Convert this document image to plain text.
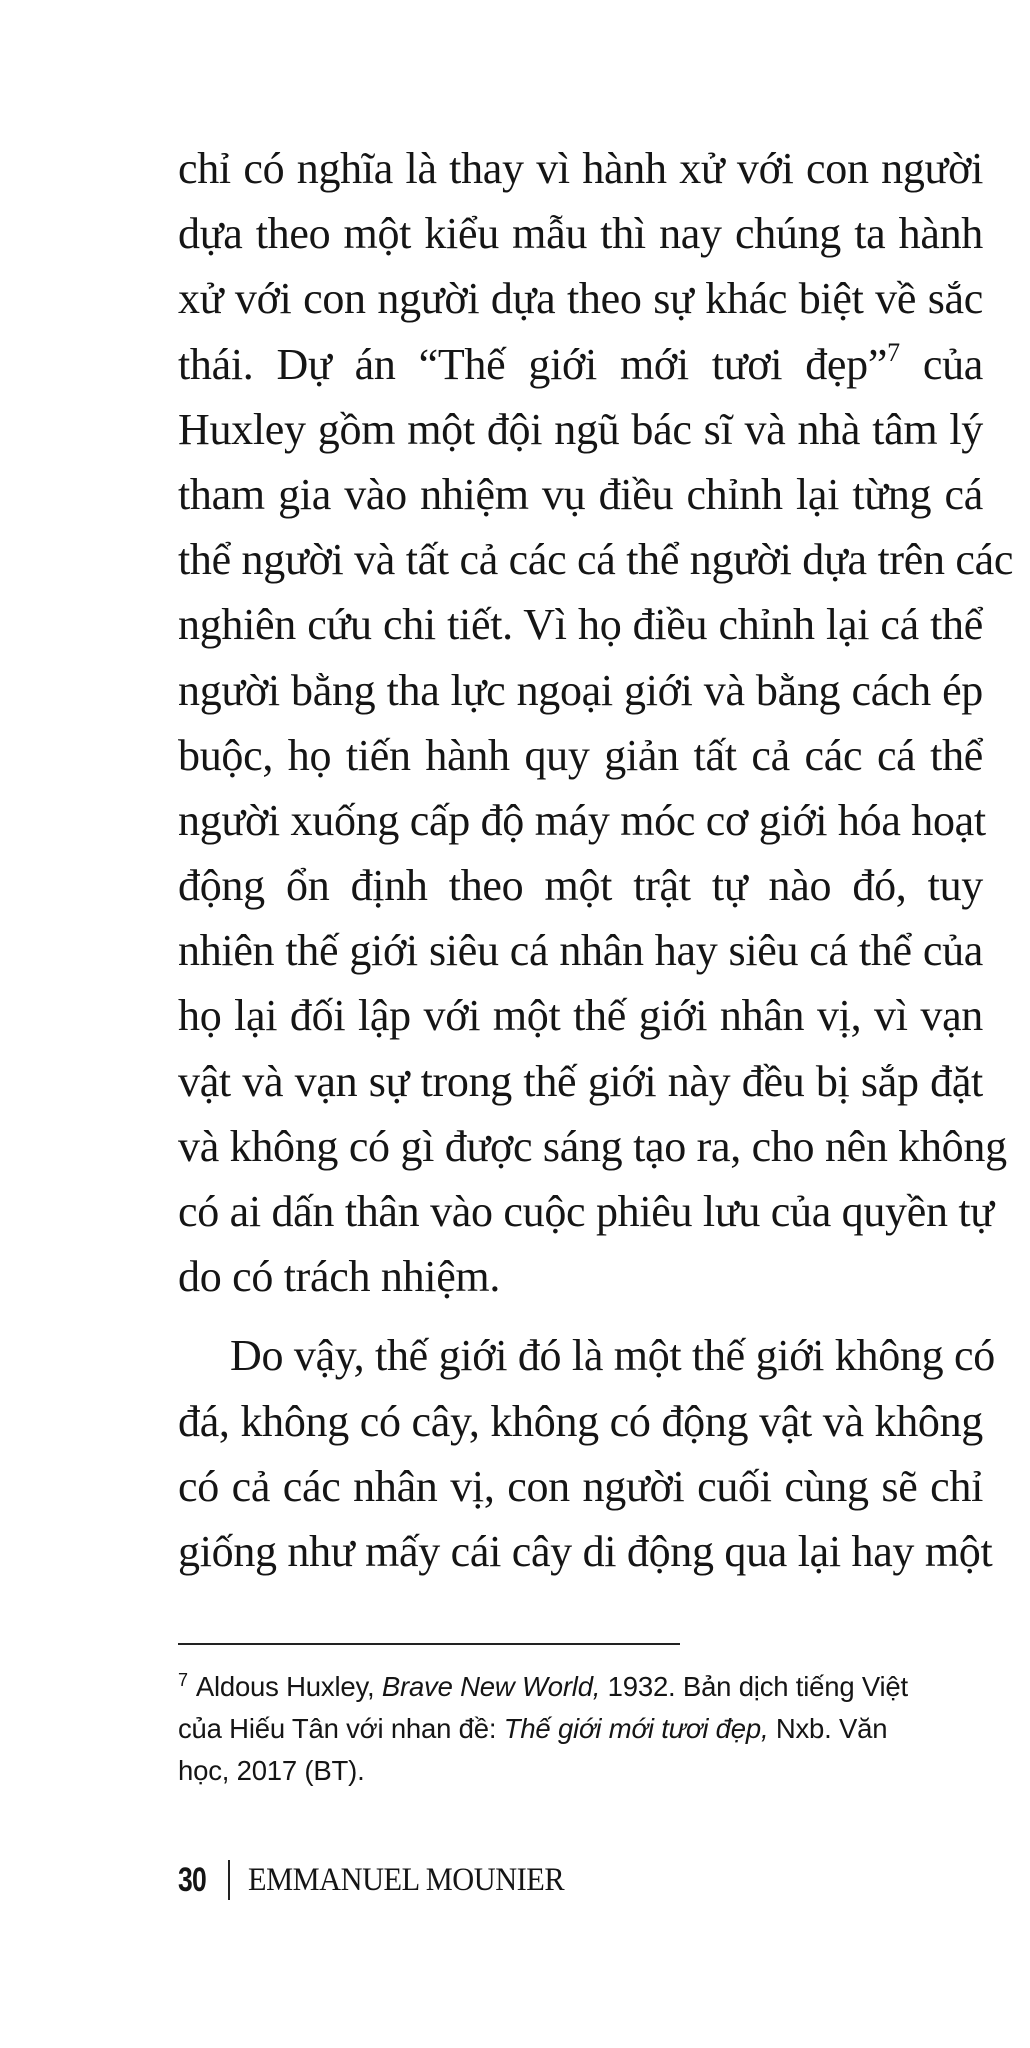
chỉ có nghĩa là thay vì hành xử với con người
dựa theo một kiểu mẫu thì nay chúng ta hành
xử với con người dựa theo sự khác biệt về sắc
thái. Dự án “Thế giới mới tươi đẹp”$^7$ của
Huxley gồm một đội ngũ bác sĩ và nhà tâm lý
tham gia vào nhiệm vụ điều chỉnh lại từng cá
thể người và tất cả các cá thể người dựa trên các
nghiên cứu chi tiết. Vì họ điều chỉnh lại cá thể
người bằng tha lực ngoại giới và bằng cách ép
buộc, họ tiến hành quy giản tất cả các cá thể
người xuống cấp độ máy móc cơ giới hóa hoạt
động ổn định theo một trật tự nào đó, tuy
nhiên thế giới siêu cá nhân hay siêu cá thể của
họ lại đối lập với một thế giới nhân vị, vì vạn
vật và vạn sự trong thế giới này đều bị sắp đặt
và không có gì được sáng tạo ra, cho nên không
có ai dấn thân vào cuộc phiêu lưu của quyền tự
do có trách nhiệm.
Do vậy, thế giới đó là một thế giới không có
đá, không có cây, không có động vật và không
có cả các nhân vị, con người cuối cùng sẽ chỉ
giống như mấy cái cây di động qua lại hay một
$^7$ Aldous Huxley, Brave New World, 1932. Bản dịch tiếng Việt
của Hiếu Tân với nhan đề: Thế giới mới tươi đẹp, Nxb. Văn
học, 2017 (BT).
30 EMMANUEL MOUNIER
